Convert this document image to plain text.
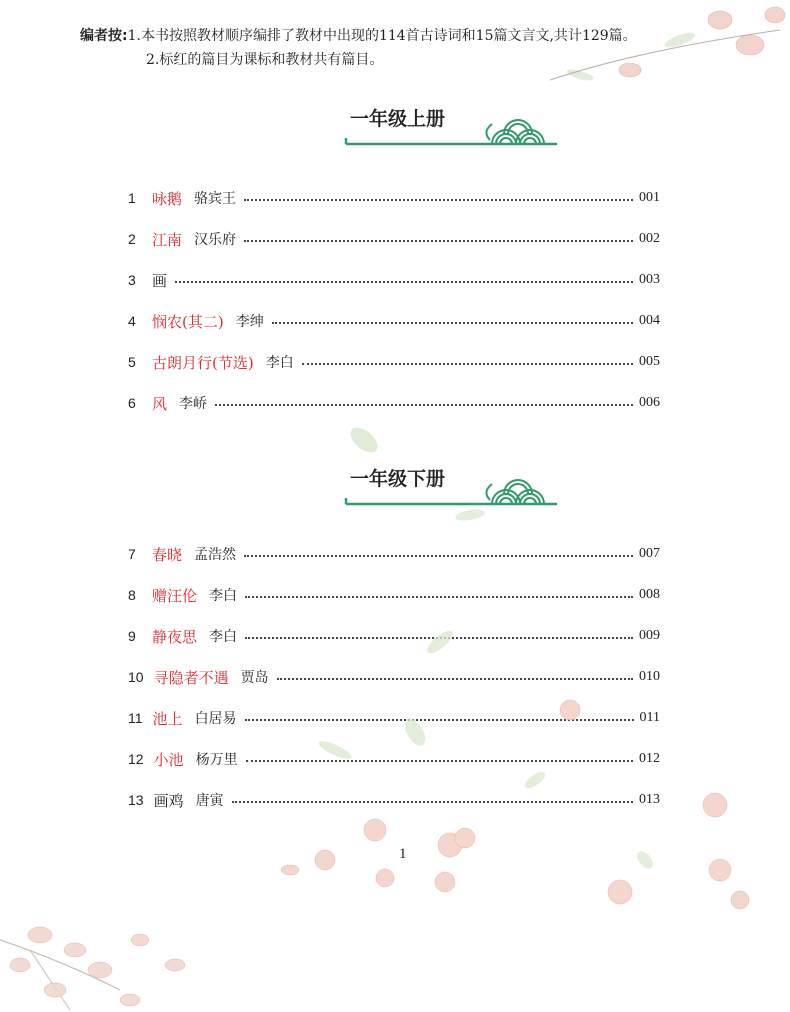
编者按:1.本书按照教材顺序编排了教材中出现的114首古诗词和15篇文言文,共计129篇。
2.标红的篇目为课标和教材共有篇目。
一年级上册
1	咏鹅 骆宾王	001
2	江南 汉乐府	002
3	画	003
4	悯农(其二) 李绅	004
5	古朗月行(节选) 李白	005
6	风 李峤	006
一年级下册
7	春晓 孟浩然	007
8	赠汪伦 李白	008
9	静夜思 李白	009
10 寻隐者不遇 贾岛	010
11 池上 白居易	011
12 小池 杨万里	012
13 画鸡 唐寅	013
1
